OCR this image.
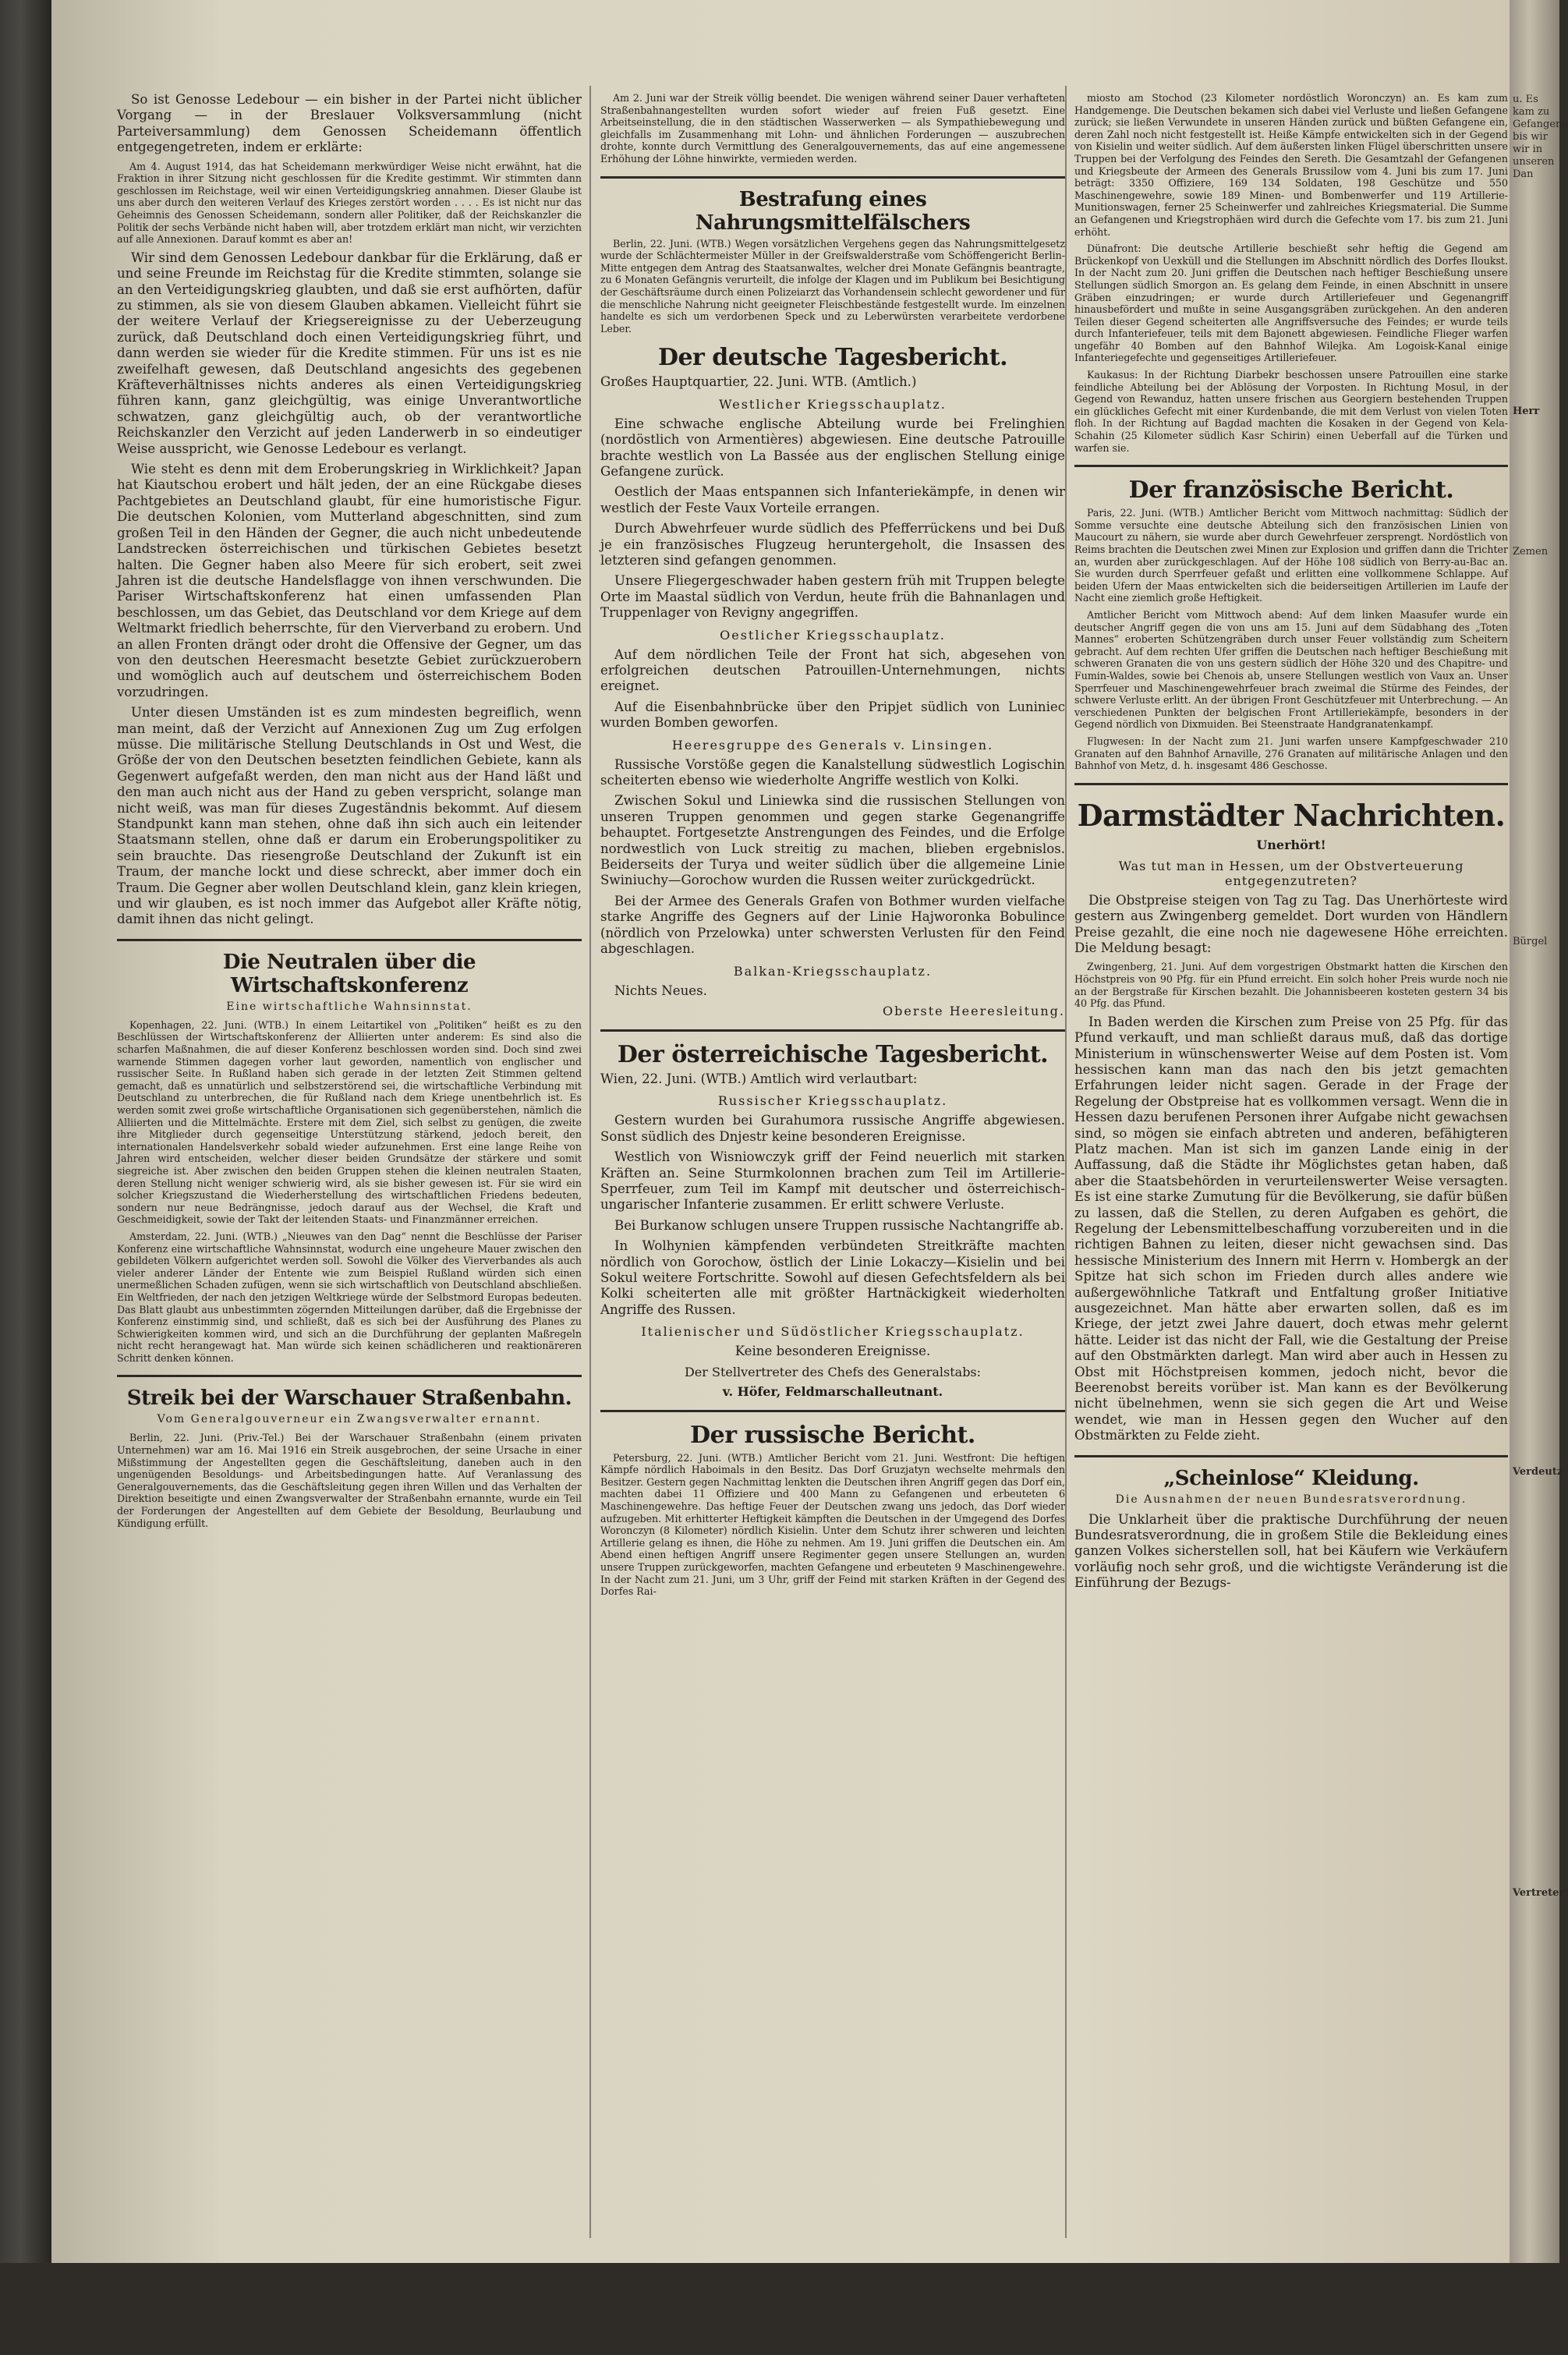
So ist Genosse Ledebour — ein bisher in der Partei nicht üblicher Vorgang — in der Breslauer Volksversammlung (nicht Parteiversammlung) dem Genossen Scheidemann öffentlich entgegengetreten, indem er erklärte:

Am 4. August 1914, das hat Scheidemann merkwürdiger Weise nicht erwähnt, hat die Fraktion in ihrer Sitzung nicht geschlossen für die Kredite gestimmt. Wir stimmten dann geschlossen im Reichstage, weil wir einen Verteidigungskrieg annahmen. Dieser Glaube ist uns aber durch den weiteren Verlauf des Krieges zerstört worden . . . . Es ist nicht nur das Geheimnis des Genossen Scheidemann, sondern aller Politiker, daß der Reichskanzler die Politik der sechs Verbände nicht haben will, aber trotzdem erklärt man nicht, wir verzichten auf alle Annexionen. Darauf kommt es aber an!

Wir sind dem Genossen Ledebour dankbar für die Erklärung, daß er und seine Freunde im Reichstag für die Kredite stimmten, solange sie an den Verteidigungskrieg glaubten, und daß sie erst aufhörten, dafür zu stimmen, als sie von diesem Glauben abkamen. Vielleicht führt sie der weitere Verlauf der Kriegsereignisse zu der Ueberzeugung zurück, daß Deutschland doch einen Verteidigungskrieg führt, und dann werden sie wieder für die Kredite stimmen. Für uns ist es nie zweifelhaft gewesen, daß Deutschland angesichts des gegebenen Kräfteverhältnisses nichts anderes als einen Verteidigungskrieg führen kann, ganz gleichgültig, was einige Unverantwortliche schwatzen, ganz gleichgültig auch, ob der verantwortliche Reichskanzler den Verzicht auf jeden Landerwerb in so eindeutiger Weise ausspricht, wie Genosse Ledebour es verlangt.

Wie steht es denn mit dem Eroberungskrieg in Wirklichkeit? Japan hat Kiautschou erobert und hält jeden, der an eine Rückgabe dieses Pachtgebietes an Deutschland glaubt, für eine humoristische Figur. Die deutschen Kolonien, vom Mutterland abgeschnitten, sind zum großen Teil in den Händen der Gegner, die auch nicht unbedeutende Landstrecken österreichischen und türkischen Gebietes besetzt halten. Die Gegner haben also Meere für sich erobert, seit zwei Jahren ist die deutsche Handelsflagge von ihnen verschwunden. Die Pariser Wirtschaftskonferenz hat einen umfassenden Plan beschlossen, um das Gebiet, das Deutschland vor dem Kriege auf dem Weltmarkt friedlich beherrschte, für den Vierverband zu erobern. Und an allen Fronten drängt oder droht die Offensive der Gegner, um das von den deutschen Heeresmacht besetzte Gebiet zurückzuerobern und womöglich auch auf deutschem und österreichischem Boden vorzudringen.

Unter diesen Umständen ist es zum mindesten begreiflich, wenn man meint, daß der Verzicht auf Annexionen Zug um Zug erfolgen müsse. Die militärische Stellung Deutschlands in Ost und West, die Größe der von den Deutschen besetzten feindlichen Gebiete, kann als Gegenwert aufgefaßt werden, den man nicht aus der Hand läßt und den man auch nicht aus der Hand zu geben verspricht, solange man nicht weiß, was man für dieses Zugeständnis bekommt. Auf diesem Standpunkt kann man stehen, ohne daß ihn sich auch ein leitender Staatsmann stellen, ohne daß er darum ein Eroberungspolitiker zu sein brauchte. Das riesengroße Deutschland der Zukunft ist ein Traum, der manche lockt und diese schreckt, aber immer doch ein Traum. Die Gegner aber wollen Deutschland klein, ganz klein kriegen, und wir glauben, es ist noch immer das Aufgebot aller Kräfte nötig, damit ihnen das nicht gelingt.

Die Neutralen über die Wirtschaftskonferenz
Eine wirtschaftliche Wahnsinnstat.

Kopenhagen, 22. Juni. (WTB.) In einem Leitartikel von „Politiken“ heißt es zu den Beschlüssen der Wirtschaftskonferenz der Alliierten unter anderem: Es sind also die scharfen Maßnahmen, die auf dieser Konferenz beschlossen worden sind. Doch sind zwei warnende Stimmen dagegen vorher laut geworden, namentlich von englischer und russischer Seite. In Rußland haben sich gerade in der letzten Zeit Stimmen geltend gemacht, daß es unnatürlich und selbstzerstörend sei, die wirtschaftliche Verbindung mit Deutschland zu unterbrechen, die für Rußland nach dem Kriege unentbehrlich ist. Es werden somit zwei große wirtschaftliche Organisationen sich gegenüberstehen, nämlich die Alliierten und die Mittelmächte. Erstere mit dem Ziel, sich selbst zu genügen, die zweite ihre Mitglieder durch gegenseitige Unterstützung stärkend, jedoch bereit, den internationalen Handelsverkehr sobald wieder aufzunehmen. Erst eine lange Reihe von Jahren wird entscheiden, welcher dieser beiden Grundsätze der stärkere und somit siegreiche ist. Aber zwischen den beiden Gruppen stehen die kleinen neutralen Staaten, deren Stellung nicht weniger schwierig wird, als sie bisher gewesen ist. Für sie wird ein solcher Kriegszustand die Wiederherstellung des wirtschaftlichen Friedens bedeuten, sondern nur neue Bedrängnisse, jedoch darauf aus der Wechsel, die Kraft und Geschmeidigkeit, sowie der Takt der leitenden Staats- und Finanzmänner erreichen.

Amsterdam, 22. Juni. (WTB.) „Nieuwes van den Dag“ nennt die Beschlüsse der Pariser Konferenz eine wirtschaftliche Wahnsinnstat, wodurch eine ungeheure Mauer zwischen den gebildeten Völkern aufgerichtet werden soll. Sowohl die Völker des Vierverbandes als auch vieler anderer Länder der Entente wie zum Beispiel Rußland würden sich einen unermeßlichen Schaden zufügen, wenn sie sich wirtschaftlich von Deutschland abschließen. Ein Weltfrieden, der nach den jetzigen Weltkriege würde der Selbstmord Europas bedeuten. Das Blatt glaubt aus unbestimmten zögernden Mitteilungen darüber, daß die Ergebnisse der Konferenz einstimmig sind, und schließt, daß es sich bei der Ausführung des Planes zu Schwierigkeiten kommen wird, und sich an die Durchführung der geplanten Maßregeln nicht recht herangewagt hat. Man würde sich keinen schädlicheren und reaktionäreren Schritt denken können.

Streik bei der Warschauer Straßenbahn.
Vom Generalgouverneur ein Zwangsverwalter ernannt.

Berlin, 22. Juni. (Priv.-Tel.) Bei der Warschauer Straßenbahn (einem privaten Unternehmen) war am 16. Mai 1916 ein Streik ausgebrochen, der seine Ursache in einer Mißstimmung der Angestellten gegen die Geschäftsleitung, daneben auch in den ungenügenden Besoldungs- und Arbeitsbedingungen hatte. Auf Veranlassung des Generalgouvernements, das die Geschäftsleitung gegen ihren Willen und das Verhalten der Direktion beseitigte und einen Zwangsverwalter der Straßenbahn ernannte, wurde ein Teil der Forderungen der Angestellten auf dem Gebiete der Besoldung, Beurlaubung und Kündigung erfüllt.

Am 2. Juni war der Streik völlig beendet. Die wenigen während seiner Dauer verhafteten Straßenbahnangestellten wurden sofort wieder auf freien Fuß gesetzt. Eine Arbeitseinstellung, die in den städtischen Wasserwerken — als Sympathiebewegung und gleichfalls im Zusammenhang mit Lohn- und ähnlichen Forderungen — auszubrechen drohte, konnte durch Vermittlung des Generalgouvernements, das auf eine angemessene Erhöhung der Löhne hinwirkte, vermieden werden.

Bestrafung eines Nahrungsmittelfälschers

Berlin, 22. Juni. (WTB.) Wegen vorsätzlichen Vergehens gegen das Nahrungsmittelgesetz wurde der Schlächtermeister Müller in der Greifswalderstraße vom Schöffengericht Berlin-Mitte entgegen dem Antrag des Staatsanwaltes, welcher drei Monate Gefängnis beantragte, zu 6 Monaten Gefängnis verurteilt, die infolge der Klagen und im Publikum bei Besichtigung der Geschäftsräume durch einen Polizeiarzt das Vorhandensein schlecht gewordener und für die menschliche Nahrung nicht geeigneter Fleischbestände festgestellt wurde. Im einzelnen handelte es sich um verdorbenen Speck und zu Leberwürsten verarbeitete verdorbene Leber.

Der deutsche Tagesbericht.

Großes Hauptquartier, 22. Juni. WTB. (Amtlich.)

Westlicher Kriegsschauplatz.

Eine schwache englische Abteilung wurde bei Frelinghien (nordöstlich von Armentières) abgewiesen. Eine deutsche Patrouille brachte westlich von La Bassée aus der englischen Stellung einige Gefangene zurück.

Oestlich der Maas entspannen sich Infanteriekämpfe, in denen wir westlich der Feste Vaux Vorteile errangen.

Durch Abwehrfeuer wurde südlich des Pfefferrückens und bei Duß je ein französisches Flugzeug heruntergeholt, die Insassen des letzteren sind gefangen genommen.

Unsere Fliegergeschwader haben gestern früh mit Truppen belegte Orte im Maastal südlich von Verdun, heute früh die Bahnanlagen und Truppenlager von Revigny angegriffen.

Oestlicher Kriegsschauplatz.

Auf dem nördlichen Teile der Front hat sich, abgesehen von erfolgreichen deutschen Patrouillen-Unternehmungen, nichts ereignet.

Auf die Eisenbahnbrücke über den Pripjet südlich von Luniniec wurden Bomben geworfen.

Heeresgruppe des Generals v. Linsingen.

Russische Vorstöße gegen die Kanalstellung südwestlich Logischin scheiterten ebenso wie wiederholte Angriffe westlich von Kolki.

Zwischen Sokul und Liniewka sind die russischen Stellungen von unseren Truppen genommen und gegen starke Gegenangriffe behauptet. Fortgesetzte Anstrengungen des Feindes, und die Erfolge nordwestlich von Luck streitig zu machen, blieben ergebnislos. Beiderseits der Turya und weiter südlich über die allgemeine Linie Swiniuchy—Gorochow wurden die Russen weiter zurückgedrückt.

Bei der Armee des Generals Grafen von Bothmer wurden vielfache starke Angriffe des Gegners auf der Linie Hajworonka Bobulince (nördlich von Przelowka) unter schwersten Verlusten für den Feind abgeschlagen.

Balkan-Kriegsschauplatz.

Nichts Neues.

Oberste Heeresleitung.
Der österreichische Tagesbericht.

Wien, 22. Juni. (WTB.) Amtlich wird verlautbart:

Russischer Kriegsschauplatz.

Gestern wurden bei Gurahumora russische Angriffe abgewiesen. Sonst südlich des Dnjestr keine besonderen Ereignisse.

Westlich von Wisniowczyk griff der Feind neuerlich mit starken Kräften an. Seine Sturmkolonnen brachen zum Teil im Artillerie-Sperrfeuer, zum Teil im Kampf mit deutscher und österreichisch-ungarischer Infanterie zusammen. Er erlitt schwere Verluste.

Bei Burkanow schlugen unsere Truppen russische Nachtangriffe ab.

In Wolhynien kämpfenden verbündeten Streitkräfte machten nördlich von Gorochow, östlich der Linie Lokaczy—Kisielin und bei Sokul weitere Fortschritte. Sowohl auf diesen Gefechtsfeldern als bei Kolki scheiterten alle mit größter Hartnäckigkeit wiederholten Angriffe des Russen.

Italienischer und Südöstlicher Kriegsschauplatz.

Keine besonderen Ereignisse.

Der Stellvertreter des Chefs des Generalstabs:
v. Höfer, Feldmarschalleutnant.
Der russische Bericht.

Petersburg, 22. Juni. (WTB.) Amtlicher Bericht vom 21. Juni. Westfront: Die heftigen Kämpfe nördlich Haboimals in den Besitz. Das Dorf Gruzjatyn wechselte mehrmals den Besitzer. Gestern gegen Nachmittag lenkten die Deutschen ihren Angriff gegen das Dorf ein, machten dabei 11 Offiziere und 400 Mann zu Gefangenen und erbeuteten 6 Maschinengewehre. Das heftige Feuer der Deutschen zwang uns jedoch, das Dorf wieder aufzugeben. Mit erhitterter Heftigkeit kämpften die Deutschen in der Umgegend des Dorfes Woronczyn (8 Kilometer) nördlich Kisielin. Unter dem Schutz ihrer schweren und leichten Artillerie gelang es ihnen, die Höhe zu nehmen. Am 19. Juni griffen die Deutschen ein. Am Abend einen heftigen Angriff unsere Regimenter gegen unsere Stellungen an, wurden unsere Truppen zurückgeworfen, machten Gefangene und erbeuteten 9 Maschinengewehre. In der Nacht zum 21. Juni, um 3 Uhr, griff der Feind mit starken Kräften in der Gegend des Dorfes Rai-

miosto am Stochod (23 Kilometer nordöstlich Woronczyn) an. Es kam zum Handgemenge. Die Deutschen bekamen sich dabei viel Verluste und ließen Gefangene zurück; sie ließen Verwundete in unseren Händen zurück und büßten Gefangene ein, deren Zahl noch nicht festgestellt ist. Heiße Kämpfe entwickelten sich in der Gegend von Kisielin und weiter südlich. Auf dem äußersten linken Flügel überschritten unsere Truppen bei der Verfolgung des Feindes den Sereth. Die Gesamtzahl der Gefangenen und Kriegsbeute der Armeen des Generals Brussilow vom 4. Juni bis zum 17. Juni beträgt: 3350 Offiziere, 169 134 Soldaten, 198 Geschütze und 550 Maschinengewehre, sowie 189 Minen- und Bombenwerfer und 119 Artillerie-Munitionswagen, ferner 25 Scheinwerfer und zahlreiches Kriegsmaterial. Die Summe an Gefangenen und Kriegstrophäen wird durch die Gefechte vom 17. bis zum 21. Juni erhöht.

Dünafront: Die deutsche Artillerie beschießt sehr heftig die Gegend am Brückenkopf von Uexküll und die Stellungen im Abschnitt nördlich des Dorfes Iloukst. In der Nacht zum 20. Juni griffen die Deutschen nach heftiger Beschießung unsere Stellungen südlich Smorgon an. Es gelang dem Feinde, in einen Abschnitt in unsere Gräben einzudringen; er wurde durch Artilleriefeuer und Gegenangriff hinausbefördert und mußte in seine Ausgangsgräben zurückgehen. An den anderen Teilen dieser Gegend scheiterten alle Angriffsversuche des Feindes; er wurde teils durch Infanteriefeuer, teils mit dem Bajonett abgewiesen. Feindliche Flieger warfen ungefähr 40 Bomben auf den Bahnhof Wilejka. Am Logoisk-Kanal einige Infanteriegefechte und gegenseitiges Artilleriefeuer.

Kaukasus: In der Richtung Diarbekr beschossen unsere Patrouillen eine starke feindliche Abteilung bei der Ablösung der Vorposten. In Richtung Mosul, in der Gegend von Rewanduz, hatten unsere frischen aus Georgiern bestehenden Truppen ein glückliches Gefecht mit einer Kurdenbande, die mit dem Verlust von vielen Toten floh. In der Richtung auf Bagdad machten die Kosaken in der Gegend von Kela-Schahin (25 Kilometer südlich Kasr Schirin) einen Ueberfall auf die Türken und warfen sie.

Der französische Bericht.

Paris, 22. Juni. (WTB.) Amtlicher Bericht vom Mittwoch nachmittag: Südlich der Somme versuchte eine deutsche Abteilung sich den französischen Linien von Maucourt zu nähern, sie wurde aber durch Gewehrfeuer zersprengt. Nordöstlich von Reims brachten die Deutschen zwei Minen zur Explosion und griffen dann die Trichter an, wurden aber zurückgeschlagen. Auf der Höhe 108 südlich von Berry-au-Bac an. Sie wurden durch Sperrfeuer gefaßt und erlitten eine vollkommene Schlappe. Auf beiden Ufern der Maas entwickelten sich die beiderseitigen Artillerien im Laufe der Nacht eine ziemlich große Heftigkeit.

Amtlicher Bericht vom Mittwoch abend: Auf dem linken Maasufer wurde ein deutscher Angriff gegen die von uns am 15. Juni auf dem Südabhang des „Toten Mannes“ eroberten Schützengräben durch unser Feuer vollständig zum Scheitern gebracht. Auf dem rechten Ufer griffen die Deutschen nach heftiger Beschießung mit schweren Granaten die von uns gestern südlich der Höhe 320 und des Chapitre- und Fumin-Waldes, sowie bei Chenois ab, unsere Stellungen westlich von Vaux an. Unser Sperrfeuer und Maschinengewehrfeuer brach zweimal die Stürme des Feindes, der schwere Verluste erlitt. An der übrigen Front Geschützfeuer mit Unterbrechung. — An verschiedenen Punkten der belgischen Front Artilleriekämpfe, besonders in der Gegend nördlich von Dixmuiden. Bei Steenstraate Handgranatenkampf.

Flugwesen: In der Nacht zum 21. Juni warfen unsere Kampfgeschwader 210 Granaten auf den Bahnhof Arnaville, 276 Granaten auf militärische Anlagen und den Bahnhof von Metz, d. h. insgesamt 486 Geschosse.

Darmstädter Nachrichten.
Unerhört!
Was tut man in Hessen, um der Obstverteuerung entgegenzutreten?

Die Obstpreise steigen von Tag zu Tag. Das Unerhörteste wird gestern aus Zwingenberg gemeldet. Dort wurden von Händlern Preise gezahlt, die eine noch nie dagewesene Höhe erreichten. Die Meldung besagt:

Zwingenberg, 21. Juni. Auf dem vorgestrigen Obstmarkt hatten die Kirschen den Höchstpreis von 90 Pfg. für ein Pfund erreicht. Ein solch hoher Preis wurde noch nie an der Bergstraße für Kirschen bezahlt. Die Johannisbeeren kosteten gestern 34 bis 40 Pfg. das Pfund.

In Baden werden die Kirschen zum Preise von 25 Pfg. für das Pfund verkauft, und man schließt daraus muß, daß das dortige Ministerium in wünschenswerter Weise auf dem Posten ist. Vom hessischen kann man das nach den bis jetzt gemachten Erfahrungen leider nicht sagen. Gerade in der Frage der Regelung der Obstpreise hat es vollkommen versagt. Wenn die in Hessen dazu berufenen Personen ihrer Aufgabe nicht gewachsen sind, so mögen sie einfach abtreten und anderen, befähigteren Platz machen. Man ist sich im ganzen Lande einig in der Auffassung, daß die Städte ihr Möglichstes getan haben, daß aber die Staatsbehörden in verurteilenswerter Weise versagten. Es ist eine starke Zumutung für die Bevölkerung, sie dafür büßen zu lassen, daß die Stellen, zu deren Aufgaben es gehört, die Regelung der Lebensmittelbeschaffung vorzubereiten und in die richtigen Bahnen zu leiten, dieser nicht gewachsen sind. Das hessische Ministerium des Innern mit Herrn v. Hombergk an der Spitze hat sich schon im Frieden durch alles andere wie außergewöhnliche Tatkraft und Entfaltung großer Initiative ausgezeichnet. Man hätte aber erwarten sollen, daß es im Kriege, der jetzt zwei Jahre dauert, doch etwas mehr gelernt hätte. Leider ist das nicht der Fall, wie die Gestaltung der Preise auf den Obstmärkten darlegt. Man wird aber auch in Hessen zu Obst mit Höchstpreisen kommen, jedoch nicht, bevor die Beerenobst bereits vorüber ist. Man kann es der Bevölkerung nicht übelnehmen, wenn sie sich gegen die Art und Weise wendet, wie man in Hessen gegen den Wucher auf den Obstmärkten zu Felde zieht.

„Scheinlose“ Kleidung.
Die Ausnahmen der neuen Bundesratsverordnung.

Die Unklarheit über die praktische Durchführung der neuen Bundesratsverordnung, die in großem Stile die Bekleidung eines ganzen Volkes sicherstellen soll, hat bei Käufern wie Verkäufern vorläufig noch sehr groß, und die wichtigste Veränderung ist die Einführung der Bezugs-

u. Es kam zu Gefangene bis wir wir in unseren Dan
Herr
Zemen
Bürgel
Verdeutz
Vertreter
